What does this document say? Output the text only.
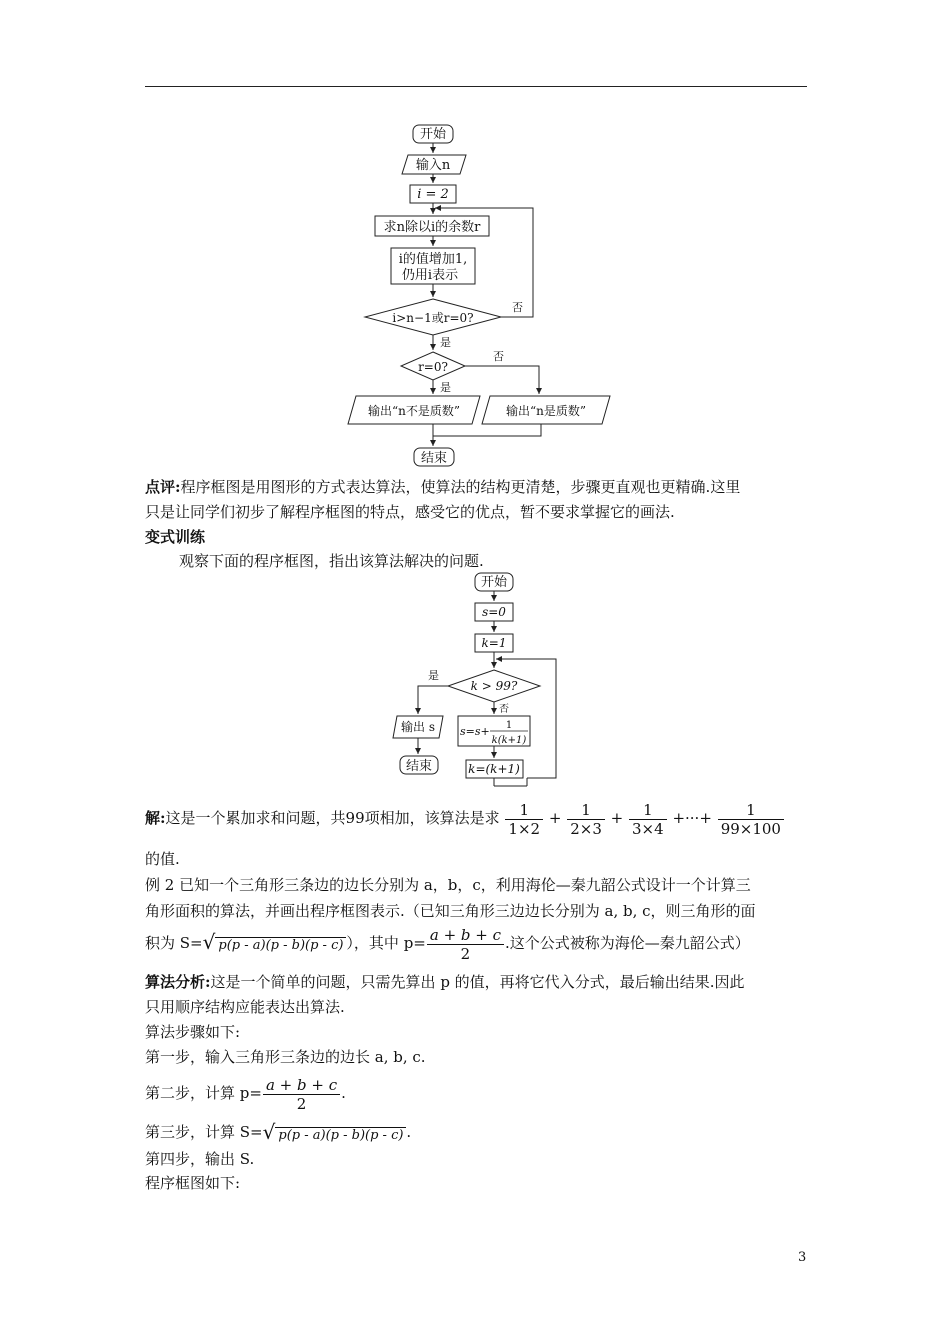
开始
输入n
i = 2
求n除以i的余数r
i的值增加1,
仍用i表示
i>n−1或r=0?
否
是
r=0?
否
是
输出“n不是质数”	输出“n是质数”
结束
点评:程序框图是用图形的方式表达算法，使算法的结构更清楚，步骤更直观也更精确.这里
只是让同学们初步了解程序框图的特点，感受它的优点，暂不要求掌握它的画法.
变式训练
观察下面的程序框图，指出该算法解决的问题.
开始
s=0
k=1
k > 99?
是
否
输出 s
结束
s=s+ 1
k(k+1)
k=(k+1)
解:这是一个累加求和问题，共99项相加，该算法是求 $\frac{1}{1\times 2} + \frac{1}{2\times 3} + \frac{1}{3\times 4}$ +···+ $\frac{1}{99\times 100}$
的值.
例 2 已知一个三角形三条边的边长分别为 a，b，c，利用海伦—秦九韶公式设计一个计算三
角形面积的算法，并画出程序框图表示.（已知三角形三边边长分别为 a, b, c，则三角形的面
积为 S=√ p(p - a)(p - b)(p - c) ），其中 $p= \frac{a + b + c}{2}$ .这个公式被称为海伦—秦九韶公式）
算法分析:这是一个简单的问题，只需先算出 p 的值，再将它代入分式，最后输出结果.因此
只用顺序结构应能表达出算法.
算法步骤如下:
第一步，输入三角形三条边的边长 a, b, c.
第二步，计算 $p= \frac{a + b + c}{2}$ .
第三步，计算 S=√ p(p - a)(p - b)(p - c) .
第四步，输出 S.
程序框图如下:
3
